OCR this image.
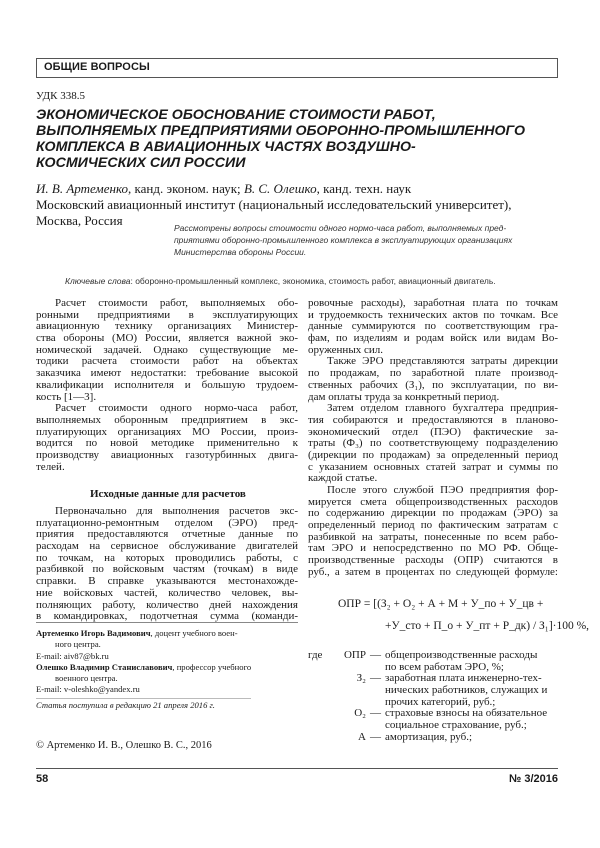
ОБЩИЕ ВОПРОСЫ
УДК 338.5
ЭКОНОМИЧЕСКОЕ ОБОСНОВАНИЕ СТОИМОСТИ РАБОТ,
ВЫПОЛНЯЕМЫХ ПРЕДПРИЯТИЯМИ ОБОРОННО-ПРОМЫШЛЕННОГО
КОМПЛЕКСА В АВИАЦИОННЫХ ЧАСТЯХ ВОЗДУШНО-
КОСМИЧЕСКИХ СИЛ РОССИИ
И. В. Артеменко, канд. эконом. наук; В. С. Олешко, канд. техн. наук
Московский авиационный институт (национальный исследовательский университет),
Москва, Россия
Рассмотрены вопросы стоимости одного нормо-часа работ, выполняемых пред-
приятиями оборонно-промышленного комплекса в эксплуатирующих организациях
Министерства обороны России.
Ключевые слова: оборонно-промышленный комплекс, экономика, стоимость работ, авиационный двигатель.
Расчет стоимости работ, выполняемых обо-
ронными предприятиями в эксплуатирующих
авиационную технику организациях Министер-
ства обороны (МО) России, является важной эко-
номической задачей. Однако существующие ме-
тодики расчета стоимости работ на объектах
заказчика имеют недостатки: требование высокой
квалификации исполнителя и большую трудоем-
кость [1—3].
Расчет стоимости одного нормо-часа работ,
выполняемых оборонным предприятием в экс-
плуатирующих организациях МО России, произ-
водится по новой методике применительно к
производству авиационных газотурбинных двига-
телей.
Исходные данные для расчетов
Первоначально для выполнения расчетов экс-
плуатационно-ремонтным отделом (ЭРО) пред-
приятия предоставляются отчетные данные по
расходам на сервисное обслуживание двигателей
по точкам, на которых проводились работы, с
разбивкой по войсковым частям (точкам) в виде
справки. В справке указываются местонахожде-
ние войсковых частей, количество человек, вы-
полняющих работу, количество дней нахождения
в командировках, подотчетная сумма (команди-
Артеменко Игорь Вадимович, доцент учебного воен-
ного центра.
E-mail: aiv87@bk.ru
Олешко Владимир Станиславович, профессор учебного
военного центра.
E-mail: v-oleshko@yandex.ru
Статья поступила в редакцию 21 апреля 2016 г.
© Артеменко И. В., Олешко В. С., 2016
ровочные расходы), заработная плата по точкам
и трудоемкость технических актов по точкам. Все
данные суммируются по соответствующим гра-
фам, по изделиям и родам войск или видам Во-
оруженных сил.
Также ЭРО представляются затраты дирекции
по продажам, по заработной плате производ-
ственных рабочих (З₁), по эксплуатации, по ви-
дам оплаты труда за конкретный период.
Затем отделом главного бухгалтера предприя-
тия собираются и предоставляются в планово-
экономический отдел (ПЭО) фактические за-
траты (Ф₃) по соответствующему подразделению
(дирекции по продажам) за определенный период
с указанием основных статей затрат и суммы по
каждой статье.
После этого службой ПЭО предприятия фор-
мируется смета общепроизводственных расходов
по содержанию дирекции по продажам (ЭРО) за
определенный период по фактическим затратам с
разбивкой на затраты, понесенные по всем рабо-
там ЭРО и непосредственно по МО РФ. Обще-
производственные расходы (ОПР) считаются в
руб., а затем в процентах по следующей формуле:
ОПР = [(З₂ + О₂ + А + М + У_по + У_цв +
+У_сто + П_о + У_пт + Р_дк) / З₁]·100 %,
где	ОПР — общепроизводственные расходы
по всем работам ЭРО, %;
З₂ — заработная плата инженерно-тех-
нических работников, служащих и
прочих категорий, руб.;
О₂ — страховые взносы на обязательное
социальное страхование, руб.;
А — амортизация, руб.;
58	№ 3/2016
